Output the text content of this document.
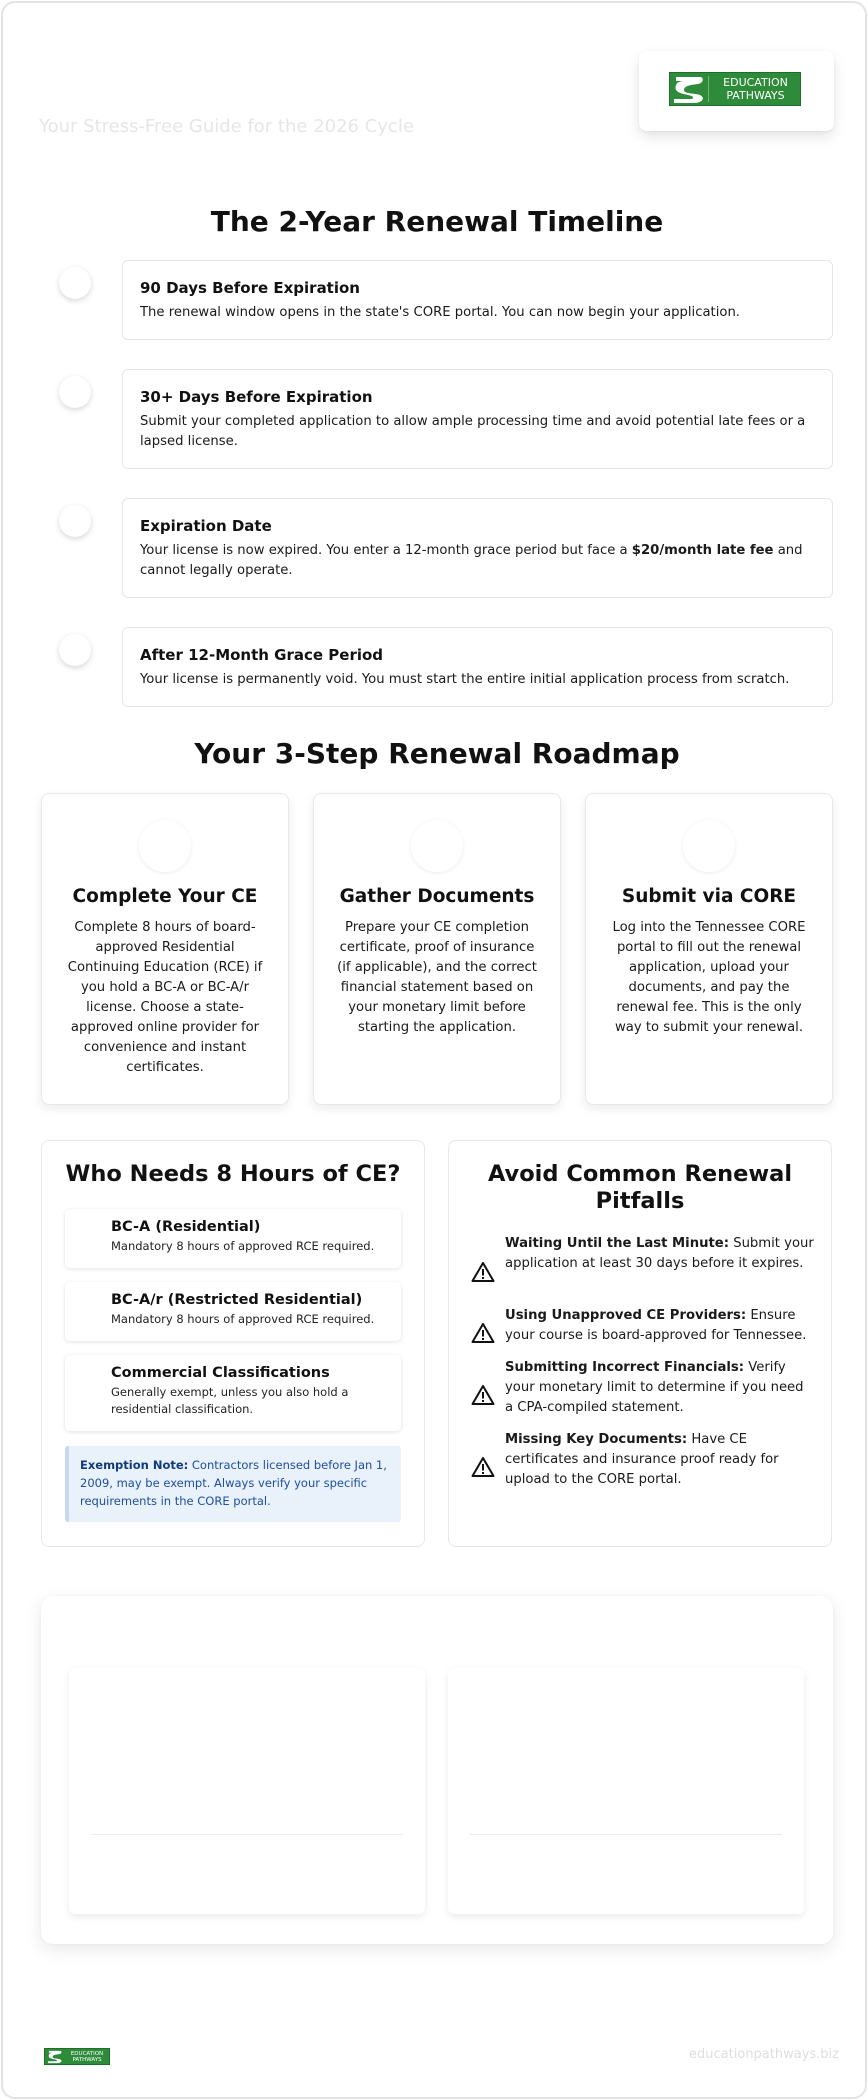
Your Stress-Free Guide for the 2026 Cycle
EDUCATION
PATHWAYS
The 2-Year Renewal Timeline
90 Days Before Expiration

The renewal window opens in the state's CORE portal. You can now begin your application.

30+ Days Before Expiration

Submit your completed application to allow ample processing time and avoid potential late fees or a lapsed license.

Expiration Date

Your license is now expired. You enter a 12-month grace period but face a $20/month late fee and cannot legally operate.

After 12-Month Grace Period

Your license is permanently void. You must start the entire initial application process from scratch.

Your 3-Step Renewal Roadmap
Complete Your CE

Complete 8 hours of board-approved Residential Continuing Education (RCE) if you hold a BC-A or BC-A/r license. Choose a state-approved online provider for convenience and instant certificates.

Gather Documents

Prepare your CE completion certificate, proof of insurance (if applicable), and the correct financial statement based on your monetary limit before starting the application.

Submit via CORE

Log into the Tennessee CORE portal to fill out the renewal application, upload your documents, and pay the renewal fee. This is the only way to submit your renewal.

Who Needs 8 Hours of CE?
BC-A (Residential)

Mandatory 8 hours of approved RCE required.

BC-A/r (Restricted Residential)

Mandatory 8 hours of approved RCE required.

Commercial Classifications

Generally exempt, unless you also hold a residential classification.

Exemption Note: Contractors licensed before Jan 1, 2009, may be exempt. Always verify your specific requirements in the CORE portal.
Avoid Common Renewal Pitfalls

Waiting Until the Last Minute: Submit your application at least 30 days before it expires.

Using Unapproved CE Providers: Ensure your course is board-approved for Tennessee.

Submitting Incorrect Financials: Verify your monetary limit to determine if you need a CPA-compiled statement.

Missing Key Documents: Have CE certificates and insurance proof ready for upload to the CORE portal.

EDUCATION
PATHWAYS	educationpathways.biz
